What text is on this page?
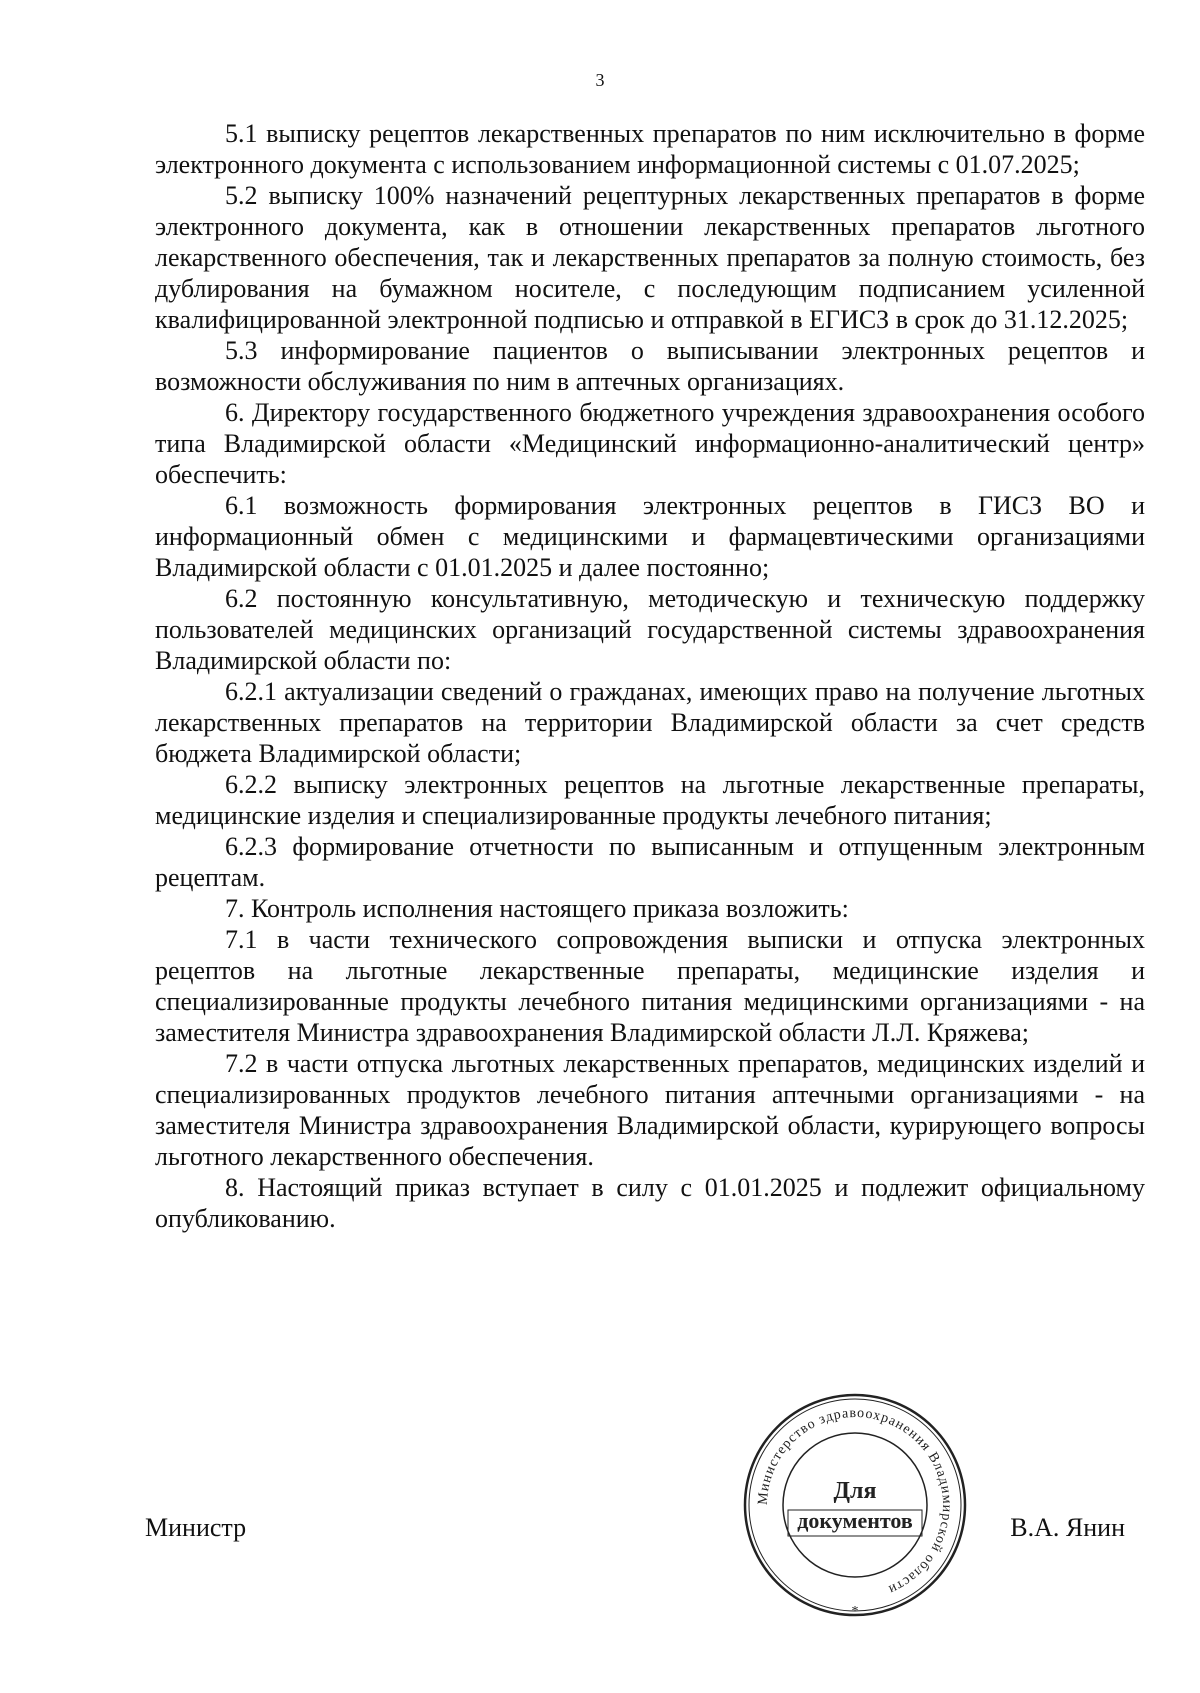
3

5.1 выписку рецептов лекарственных препаратов по ним исключительно в форме электронного документа с использованием информационной системы с 01.07.2025;

5.2 выписку 100% назначений рецептурных лекарственных препаратов в форме электронного документа, как в отношении лекарственных препаратов льготного лекарственного обеспечения, так и лекарственных препаратов за полную стоимость, без дублирования на бумажном носителе, с последующим подписанием усиленной квалифицированной электронной подписью и отправкой в ЕГИСЗ в срок до 31.12.2025;

5.3 информирование пациентов о выписывании электронных рецептов и возможности обслуживания по ним в аптечных организациях.

6. Директору государственного бюджетного учреждения здравоохранения особого типа Владимирской области «Медицинский информационно-аналитический центр» обеспечить:

6.1 возможность формирования электронных рецептов в ГИСЗ ВО и информационный обмен с медицинскими и фармацевтическими организациями Владимирской области с 01.01.2025 и далее постоянно;

6.2 постоянную консультативную, методическую и техническую поддержку пользователей медицинских организаций государственной системы здравоохранения Владимирской области по:

6.2.1 актуализации сведений о гражданах, имеющих право на получение льготных лекарственных препаратов на территории Владимирской области за счет средств бюджета Владимирской области;

6.2.2 выписку электронных рецептов на льготные лекарственные препараты, медицинские изделия и специализированные продукты лечебного питания;

6.2.3 формирование отчетности по выписанным и отпущенным электронным рецептам.

7. Контроль исполнения настоящего приказа возложить:

7.1 в части технического сопровождения выписки и отпуска электронных рецептов на льготные лекарственные препараты, медицинские изделия и специализированные продукты лечебного питания медицинскими организациями - на заместителя Министра здравоохранения Владимирской области Л.Л. Кряжева;

7.2 в части отпуска льготных лекарственных препаратов, медицинских изделий и специализированных продуктов лечебного питания аптечными организациями - на заместителя Министра здравоохранения Владимирской области, курирующего вопросы льготного лекарственного обеспечения.

8. Настоящий приказ вступает в силу с 01.01.2025 и подлежит официальному опубликованию.

Министерство здравоохранения Владимирской области
*
Для
документов
Министр	В.А. Янин
